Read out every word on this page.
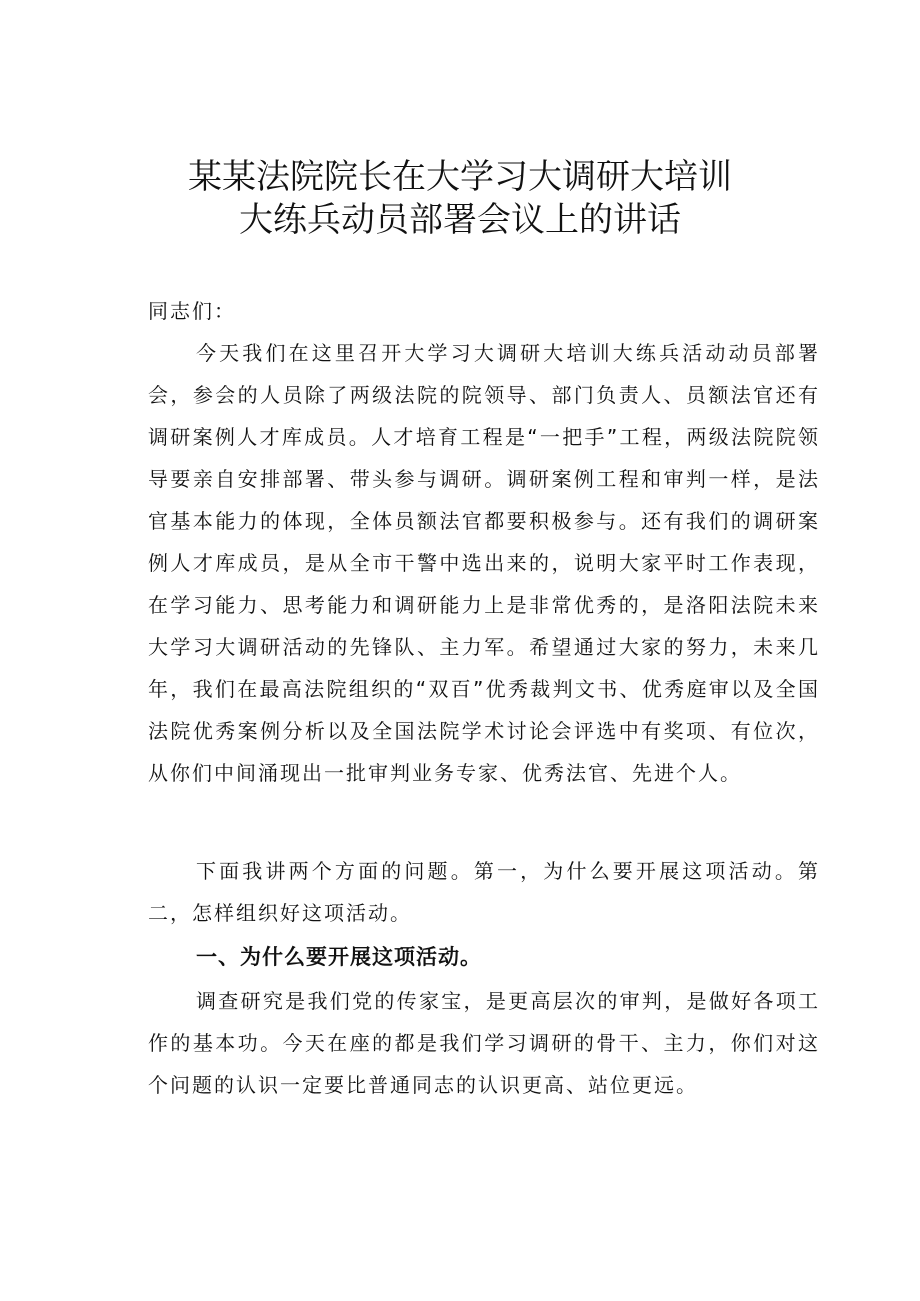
某某法院院长在大学习大调研大培训
大练兵动员部署会议上的讲话

同志们：

今天我们在这里召开大学习大调研大培训大练兵活动动员部署会，参会的人员除了两级法院的院领导、部门负责人、员额法官还有调研案例人才库成员。人才培育工程是“一把手”工程，两级法院院领导要亲自安排部署、带头参与调研。调研案例工程和审判一样，是法官基本能力的体现，全体员额法官都要积极参与。还有我们的调研案例人才库成员，是从全市干警中选出来的，说明大家平时工作表现，在学习能力、思考能力和调研能力上是非常优秀的，是洛阳法院未来大学习大调研活动的先锋队、主力军。希望通过大家的努力，未来几年，我们在最高法院组织的“双百”优秀裁判文书、优秀庭审以及全国法院优秀案例分析以及全国法院学术讨论会评选中有奖项、有位次，从你们中间涌现出一批审判业务专家、优秀法官、先进个人。

下面我讲两个方面的问题。第一，为什么要开展这项活动。第二，怎样组织好这项活动。

一、为什么要开展这项活动。

调查研究是我们党的传家宝，是更高层次的审判，是做好各项工作的基本功。今天在座的都是我们学习调研的骨干、主力，你们对这个问题的认识一定要比普通同志的认识更高、站位更远。
